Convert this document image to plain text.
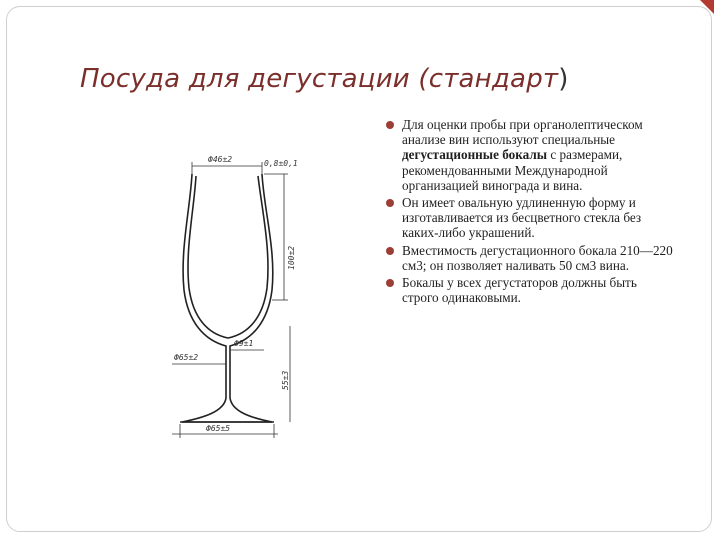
Посуда для дегустации (стандарт)
Ф46±2	0,8±0,1
100±2
Ф9±1
Ф65±2
55±3
Ф65±5
Для оценки пробы при органолептическом анализе вин используют специальные дегустационные бокалы с размерами, рекомендованными Международной организацией винограда и вина.
Он имеет овальную удлиненную форму и изготавливается из бесцветного стекла без каких-либо украшений.
Вместимость дегустационного бокала 210—220 см3; он позволяет наливать 50 см3 вина.
Бокалы у всех дегустаторов должны быть строго одинаковыми.
